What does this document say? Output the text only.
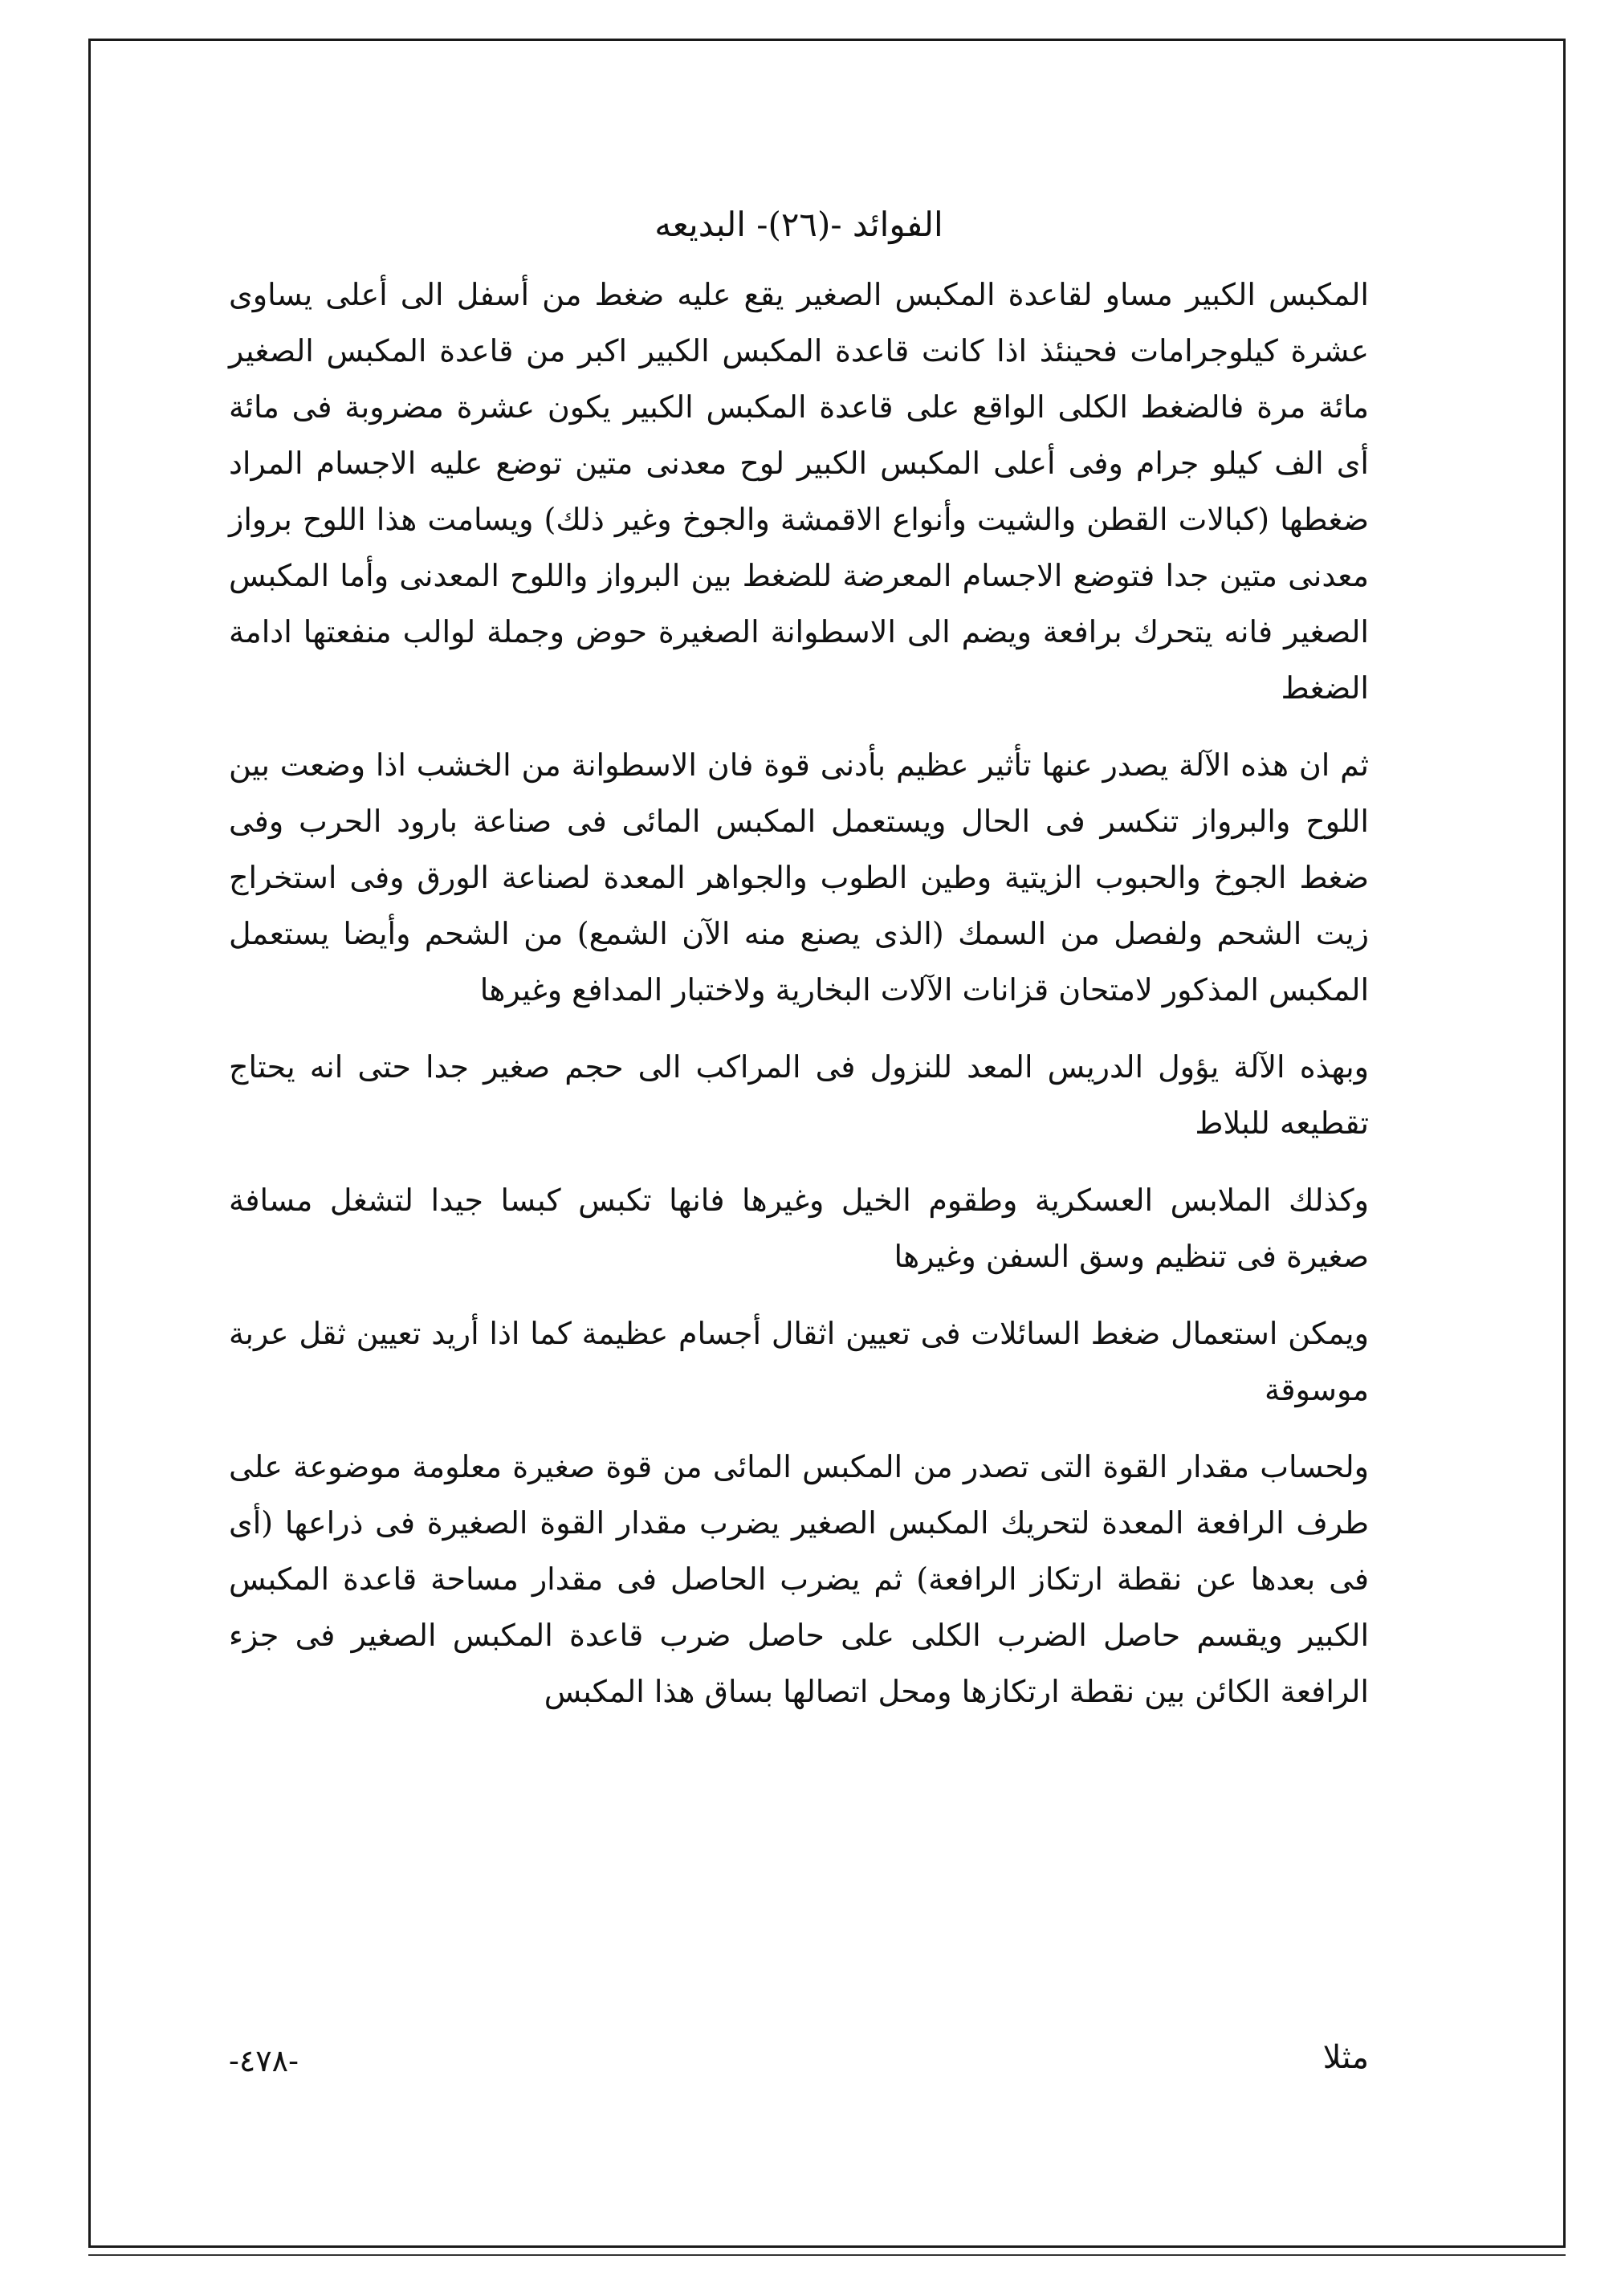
الفوائد -(٢٦)- البديعه

المكبس الكبير مساو لقاعدة المكبس الصغير يقع عليه ضغط من أسفل الى أعلى يساوى عشرة كيلوجرامات فحينئذ اذا كانت قاعدة المكبس الكبير اكبر من قاعدة المكبس الصغير مائة مرة فالضغط الكلى الواقع على قاعدة المكبس الكبير يكون عشرة مضروبة فى مائة أى الف كيلو جرام وفى أعلى المكبس الكبير لوح معدنى متين توضع عليه الاجسام المراد ضغطها (كبالات القطن والشيت وأنواع الاقمشة والجوخ وغير ذلك) ويسامت هذا اللوح برواز معدنى متين جدا فتوضع الاجسام المعرضة للضغط بين البرواز واللوح المعدنى وأما المكبس الصغير فانه يتحرك برافعة ويضم الى الاسطوانة الصغيرة حوض وجملة لوالب منفعتها ادامة الضغط

ثم ان هذه الآلة يصدر عنها تأثير عظيم بأدنى قوة فان الاسطوانة من الخشب اذا وضعت بين اللوح والبرواز تنكسر فى الحال ويستعمل المكبس المائى فى صناعة بارود الحرب وفى ضغط الجوخ والحبوب الزيتية وطين الطوب والجواهر المعدة لصناعة الورق وفى استخراج زيت الشحم ولفصل من السمك (الذى يصنع منه الآن الشمع) من الشحم وأيضا يستعمل المكبس المذكور لامتحان قزانات الآلات البخارية ولاختبار المدافع وغيرها

وبهذه الآلة يؤول الدريس المعد للنزول فى المراكب الى حجم صغير جدا حتى انه يحتاج تقطيعه للبلاط

وكذلك الملابس العسكرية وطقوم الخيل وغيرها فانها تكبس كبسا جيدا لتشغل مسافة صغيرة فى تنظيم وسق السفن وغيرها

ويمكن استعمال ضغط السائلات فى تعيين اثقال أجسام عظيمة كما اذا أريد تعيين ثقل عربة موسوقة

ولحساب مقدار القوة التى تصدر من المكبس المائى من قوة صغيرة معلومة موضوعة على طرف الرافعة المعدة لتحريك المكبس الصغير يضرب مقدار القوة الصغيرة فى ذراعها (أى فى بعدها عن نقطة ارتكاز الرافعة) ثم يضرب الحاصل فى مقدار مساحة قاعدة المكبس الكبير ويقسم حاصل الضرب الكلى على حاصل ضرب قاعدة المكبس الصغير فى جزء الرافعة الكائن بين نقطة ارتكازها ومحل اتصالها بساق هذا المكبس

-٤٧٨-	مثلا
